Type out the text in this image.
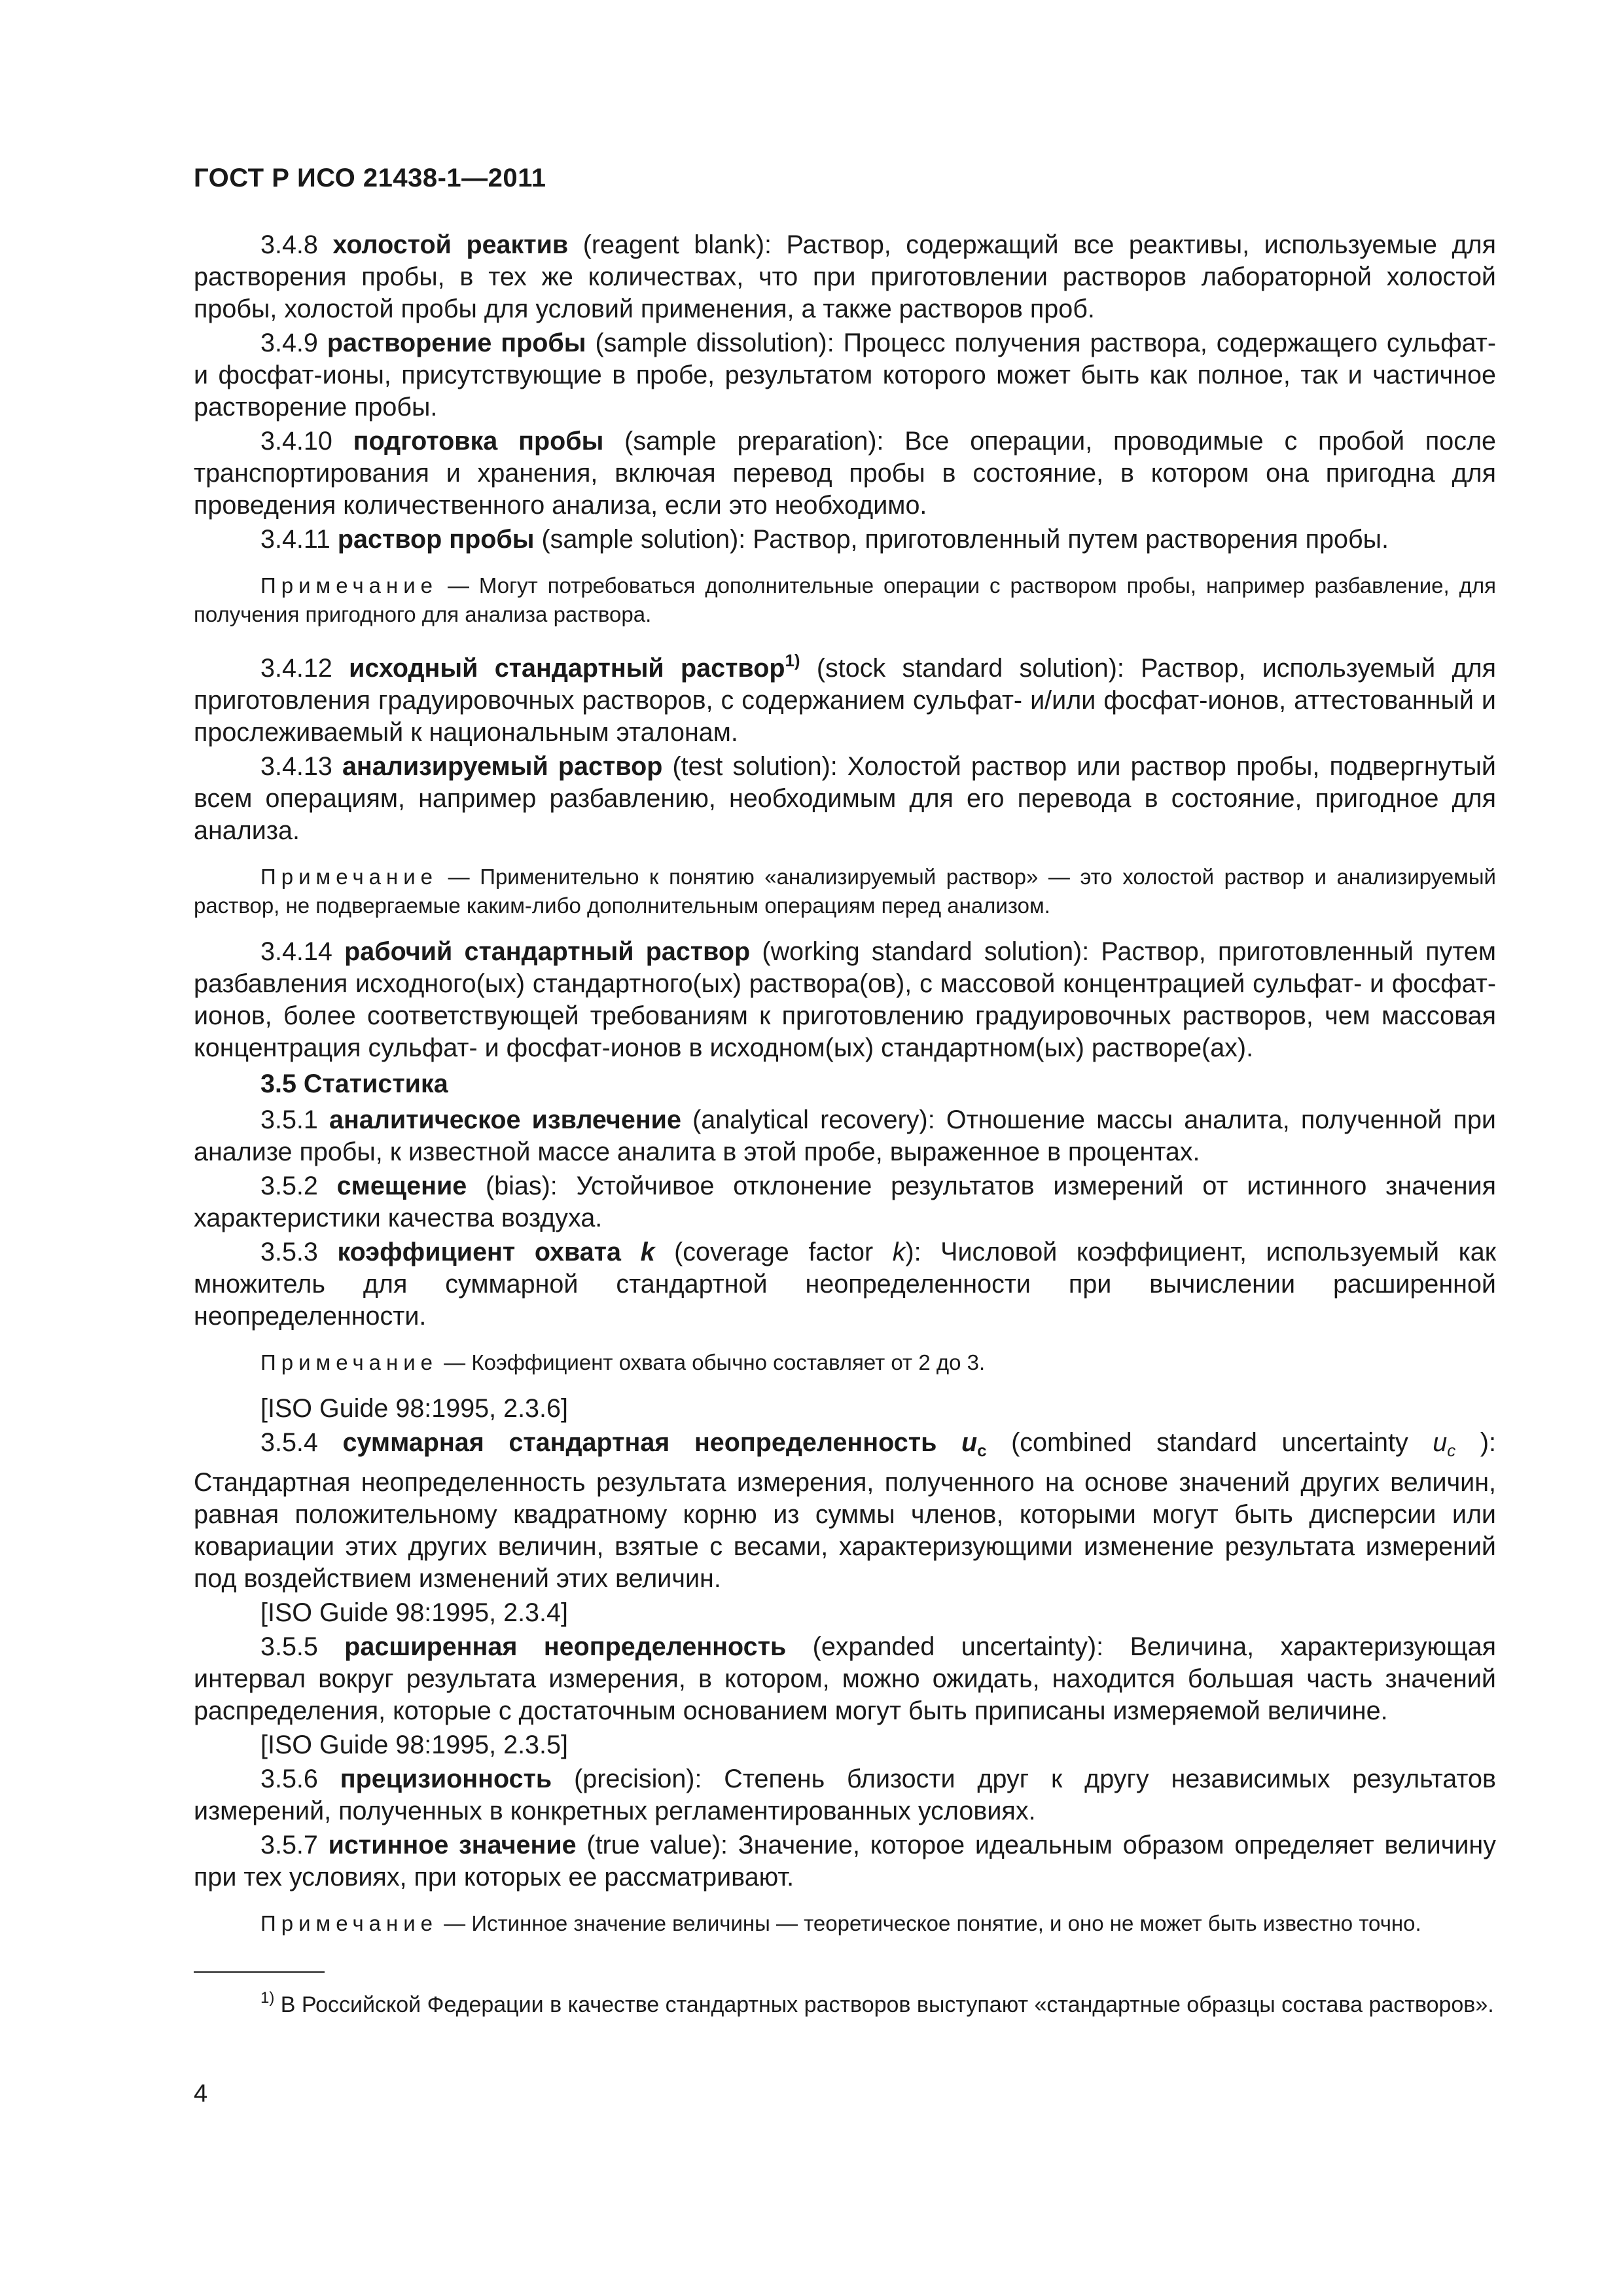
ГОСТ Р ИСО 21438-1—2011

3.4.8 холостой реактив (reagent blank): Раствор, содержащий все реактивы, используемые для растворения пробы, в тех же количествах, что при приготовлении растворов лабораторной холостой пробы, холостой пробы для условий применения, а также растворов проб.

3.4.9 растворение пробы (sample dissolution): Процесс получения раствора, содержащего сульфат- и фосфат-ионы, присутствующие в пробе, результатом которого может быть как полное, так и частичное растворение пробы.

3.4.10 подготовка пробы (sample preparation): Все операции, проводимые с пробой после транспортирования и хранения, включая перевод пробы в состояние, в котором она пригодна для проведения количественного анализа, если это необходимо.

3.4.11 раствор пробы (sample solution): Раствор, приготовленный путем растворения пробы.

Примечание — Могут потребоваться дополнительные операции с раствором пробы, например разбавление, для получения пригодного для анализа раствора.

3.4.12 исходный стандартный раствор$^{1)}$ (stock standard solution): Раствор, используемый для приготовления градуировочных растворов, с содержанием сульфат- и/или фосфат-ионов, аттестованный и прослеживаемый к национальным эталонам.

3.4.13 анализируемый раствор (test solution): Холостой раствор или раствор пробы, подвергнутый всем операциям, например разбавлению, необходимым для его перевода в состояние, пригодное для анализа.

Примечание — Применительно к понятию «анализируемый раствор» — это холостой раствор и анализируемый раствор, не подвергаемые каким-либо дополнительным операциям перед анализом.

3.4.14 рабочий стандартный раствор (working standard solution): Раствор, приготовленный путем разбавления исходного(ых) стандартного(ых) раствора(ов), с массовой концентрацией сульфат- и фосфат-ионов, более соответствующей требованиям к приготовлению градуировочных растворов, чем массовая концентрация сульфат- и фосфат-ионов в исходном(ых) стандартном(ых) растворе(ах).

3.5 Статистика

3.5.1 аналитическое извлечение (analytical recovery): Отношение массы аналита, полученной при анализе пробы, к известной массе аналита в этой пробе, выраженное в процентах.

3.5.2 смещение (bias): Устойчивое отклонение результатов измерений от истинного значения характеристики качества воздуха.

3.5.3 коэффициент охвата k (coverage factor k): Числовой коэффициент, используемый как множитель для суммарной стандартной неопределенности при вычислении расширенной неопределенности.

Примечание — Коэффициент охвата обычно составляет от 2 до 3.

[ISO Guide 98:1995, 2.3.6]

3.5.4 суммарная стандартная неопределенность $u_c$ (combined standard uncertainty $u_c$ ): Стандартная неопределенность результата измерения, полученного на основе значений других величин, равная положительному квадратному корню из суммы членов, которыми могут быть дисперсии или ковариации этих других величин, взятые с весами, характеризующими изменение результата измерений под воздействием изменений этих величин.

[ISO Guide 98:1995, 2.3.4]

3.5.5 расширенная неопределенность (expanded uncertainty): Величина, характеризующая интервал вокруг результата измерения, в котором, можно ожидать, находится большая часть значений распределения, которые с достаточным основанием могут быть приписаны измеряемой величине.

[ISO Guide 98:1995, 2.3.5]

3.5.6 прецизионность (precision): Степень близости друг к другу независимых результатов измерений, полученных в конкретных регламентированных условиях.

3.5.7 истинное значение (true value): Значение, которое идеальным образом определяет величину при тех условиях, при которых ее рассматривают.

Примечание — Истинное значение величины — теоретическое понятие, и оно не может быть известно точно.

$^{1)}$ В Российской Федерации в качестве стандартных растворов выступают «стандартные образцы состава растворов».
4
